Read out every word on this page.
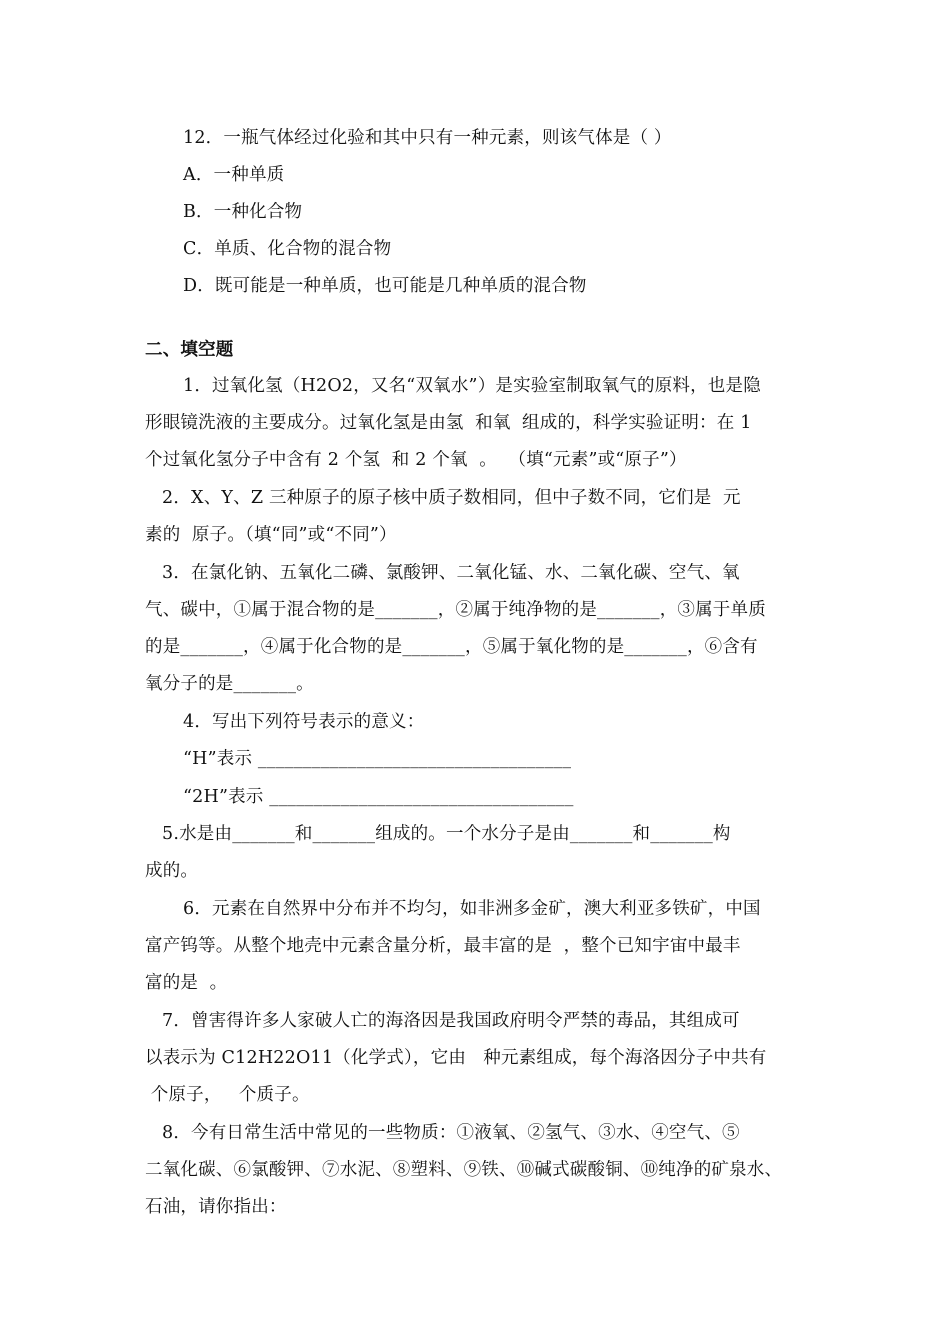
12．一瓶气体经过化验和其中只有一种元素，则该气体是（ ）
A．一种单质
B．一种化合物
C．单质、化合物的混合物
D．既可能是一种单质，也可能是几种单质的混合物
二、填空题
1．过氧化氢（H2O2，又名“双氧水”）是实验室制取氧气的原料，也是隐
形眼镜洗液的主要成分。过氧化氢是由氢  和氧  组成的，科学实验证明：在 1
个过氧化氢分子中含有 2 个氢  和 2 个氧  。  （填“元素”或“原子”）
2．X、Y、Z 三种原子的原子核中质子数相同，但中子数不同，它们是  元
素的  原子。（填“同”或“不同”）
3．在氯化钠、五氧化二磷、氯酸钾、二氧化锰、水、二氧化碳、空气、氧
气、碳中，①属于混合物的是_______，②属于纯净物的是_______，③属于单质
的是_______，④属于化合物的是_______，⑤属于氧化物的是_______，⑥含有
氧分子的是_______。
4．写出下列符号表示的意义：
“H”表示 ___________________________________
“2H”表示 __________________________________
5.水是由_______和_______组成的。一个水分子是由_______和_______构
成的。
6．元素在自然界中分布并不均匀，如非洲多金矿，澳大利亚多铁矿，中国
富产钨等。从整个地壳中元素含量分析，最丰富的是  ，整个已知宇宙中最丰
富的是  。
7．曾害得许多人家破人亡的海洛因是我国政府明令严禁的毒品，其组成可
以表示为 C12H22O11（化学式），它由   种元素组成，每个海洛因分子中共有
个原子，   个质子。
8．今有日常生活中常见的一些物质：①液氧、②氢气、③水、④空气、⑤
二氧化碳、⑥氯酸钾、⑦水泥、⑧塑料、⑨铁、⑩碱式碳酸铜、⑩纯净的矿泉水、
石油，请你指出：
